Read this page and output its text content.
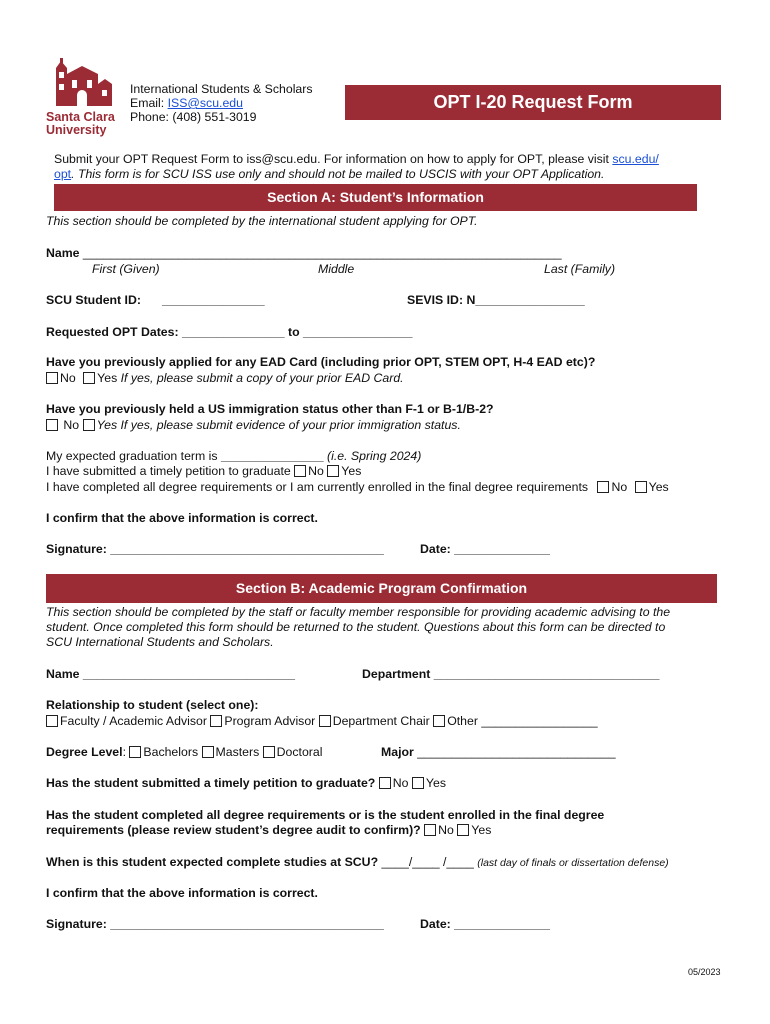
Santa Clara
University
International Students & Scholars
Email: ISS@scu.edu
Phone: (408) 551-3019
OPT I-20 Request Form
Submit your OPT Request Form to iss@scu.edu. For information on how to apply for OPT, please visit scu.edu/
opt. This form is for SCU ISS use only and should not be mailed to USCIS with your OPT Application.
Section A: Student’s Information
This section should be completed by the international student applying for OPT.
Name ______________________________________________________________________
First (Given)	Middle	Last (Family)
SCU Student ID: _______________	SEVIS ID: N________________
Requested OPT Dates: _______________ to ________________
Have you previously applied for any EAD Card (including prior OPT, STEM OPT, H-4 EAD etc)?
No Yes If yes, please submit a copy of your prior EAD Card.
Have you previously held a US immigration status other than F-1 or B-1/B-2?
No Yes If yes, please submit evidence of your prior immigration status.
My expected graduation term is _______________ (i.e. Spring 2024)
I have submitted a timely petition to graduate No Yes
I have completed all degree requirements or I am currently enrolled in the final degree requirements No Yes
I confirm that the above information is correct.
Signature: ________________________________________	Date: ______________
Section B: Academic Program Confirmation
This section should be completed by the staff or faculty member responsible for providing academic advising to the
student. Once completed this form should be returned to the student. Questions about this form can be directed to
SCU International Students and Scholars.
Name _______________________________	Department _________________________________
Relationship to student (select one):
Faculty / Academic Advisor Program Advisor Department Chair Other _________________
Degree Level: Bachelors Masters Doctoral	Major _____________________________
Has the student submitted a timely petition to graduate? No Yes
Has the student completed all degree requirements or is the student enrolled in the final degree
requirements (please review student’s degree audit to confirm)? No Yes
When is this student expected complete studies at SCU? ____/____ /____ (last day of finals or dissertation defense)
I confirm that the above information is correct.
Signature: ________________________________________	Date: ______________
05/2023
